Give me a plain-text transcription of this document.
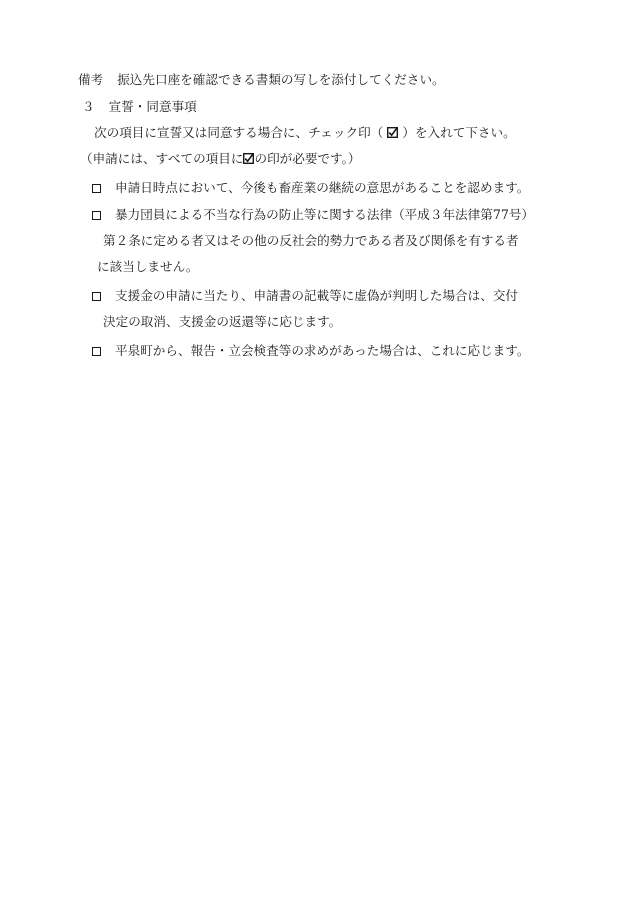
備考 振込先口座を確認できる書類の写しを添付してください。
３ 宣誓・同意事項
次の項目に宣誓又は同意する場合に、チェック印（ ）を入れて下さい。
（申請には、すべての項目に の印が必要です。）
申請日時点において、今後も畜産業の継続の意思があることを認めます。
暴力団員による不当な行為の防止等に関する法律（平成３年法律第77号）
第２条に定める者又はその他の反社会的勢力である者及び関係を有する者
に該当しません。
支援金の申請に当たり、申請書の記載等に虚偽が判明した場合は、交付
決定の取消、支援金の返還等に応じます。
平泉町から、報告・立会検査等の求めがあった場合は、これに応じます。
